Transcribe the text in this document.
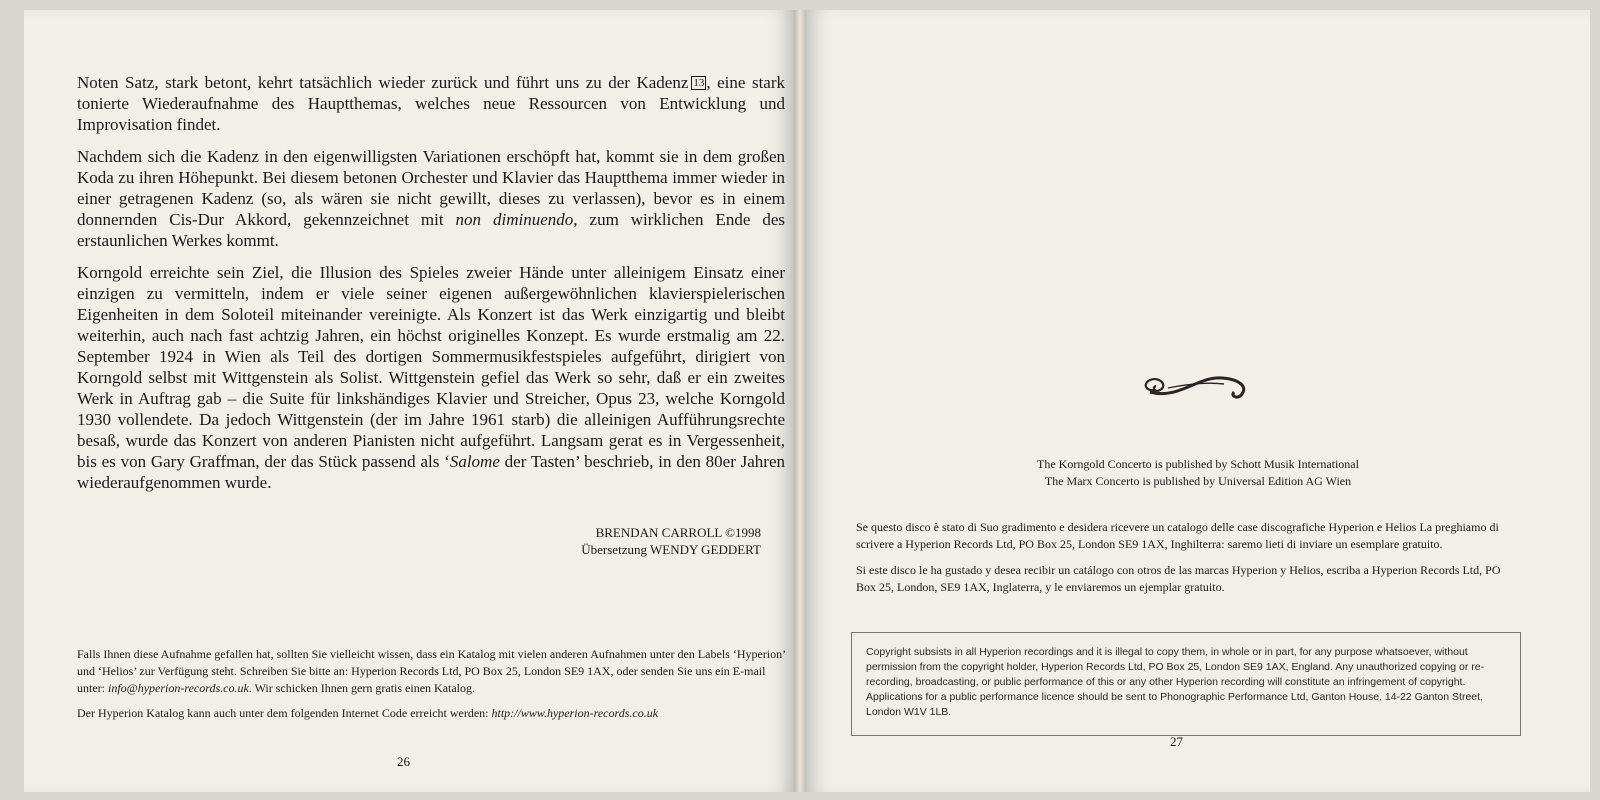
Noten Satz, stark betont, kehrt tatsächlich wieder zurück und führt uns zu der Kadenz 13 , eine stark tonierte Wiederaufnahme des Hauptthemas, welches neue Ressourcen von Entwicklung und Improvisation findet.

Nachdem sich die Kadenz in den eigenwilligsten Variationen erschöpft hat, kommt sie in dem großen Koda zu ihren Höhepunkt. Bei diesem betonen Orchester und Klavier das Hauptthema immer wieder in einer getragenen Kadenz (so, als wären sie nicht gewillt, dieses zu verlassen), bevor es in einem donnernden Cis-Dur Akkord, gekennzeichnet mit non diminuendo, zum wirklichen Ende des erstaunlichen Werkes kommt.

Korngold erreichte sein Ziel, die Illusion des Spieles zweier Hände unter alleinigem Einsatz einer einzigen zu vermitteln, indem er viele seiner eigenen außergewöhnlichen klavierspielerischen Eigenheiten in dem Soloteil miteinander vereinigte. Als Konzert ist das Werk einzigartig und bleibt weiterhin, auch nach fast achtzig Jahren, ein höchst originelles Konzept. Es wurde erstmalig am 22. September 1924 in Wien als Teil des dortigen Sommermusikfestspieles aufgeführt, dirigiert von Korngold selbst mit Wittgenstein als Solist. Wittgenstein gefiel das Werk so sehr, daß er ein zweites Werk in Auftrag gab – die Suite für linkshändiges Klavier und Streicher, Opus 23, welche Korngold 1930 vollendete. Da jedoch Wittgenstein (der im Jahre 1961 starb) die alleinigen Aufführungsrechte besaß, wurde das Konzert von anderen Pianisten nicht aufgeführt. Langsam gerat es in Vergessenheit, bis es von Gary Graffman, der das Stück passend als ‘Salome der Tasten’ beschrieb, in den 80er Jahren wiederaufgenommen wurde.

BRENDAN CARROLL ©1998
Übersetzung WENDY GEDDERT

Falls Ihnen diese Aufnahme gefallen hat, sollten Sie vielleicht wissen, dass ein Katalog mit vielen anderen Aufnahmen unter den Labels ‘Hyperion’ und ‘Helios’ zur Verfügung steht. Schreiben Sie bitte an: Hyperion Records Ltd, PO Box 25, London SE9 1AX, oder senden Sie uns ein E-mail unter: info@hyperion-records.co.uk. Wir schicken Ihnen gern gratis einen Katalog.

Der Hyperion Katalog kann auch unter dem folgenden Internet Code erreicht werden: http://www.hyperion-records.co.uk

26
The Korngold Concerto is published by Schott Musik International
The Marx Concerto is published by Universal Edition AG Wien

Se questo disco è stato di Suo gradimento e desidera ricevere un catalogo delle case discografiche Hyperion e Helios La preghiamo di scrivere a Hyperion Records Ltd, PO Box 25, London SE9 1AX, Inghilterra: saremo lieti di inviare un esemplare gratuito.

Si este disco le ha gustado y desea recibir un catálogo con otros de las marcas Hyperion y Helios, escriba a Hyperion Records Ltd, PO Box 25, London, SE9 1AX, Inglaterra, y le enviaremos un ejemplar gratuito.

Copyright subsists in all Hyperion recordings and it is illegal to copy them, in whole or in part, for any purpose whatsoever, without permission from the copyright holder, Hyperion Records Ltd, PO Box 25, London SE9 1AX, England. Any unauthorized copying or re-recording, broadcasting, or public performance of this or any other Hyperion recording will constitute an infringement of copyright. Applications for a public performance licence should be sent to Phonographic Performance Ltd, Ganton House, 14-22 Ganton Street, London W1V 1LB.
27
